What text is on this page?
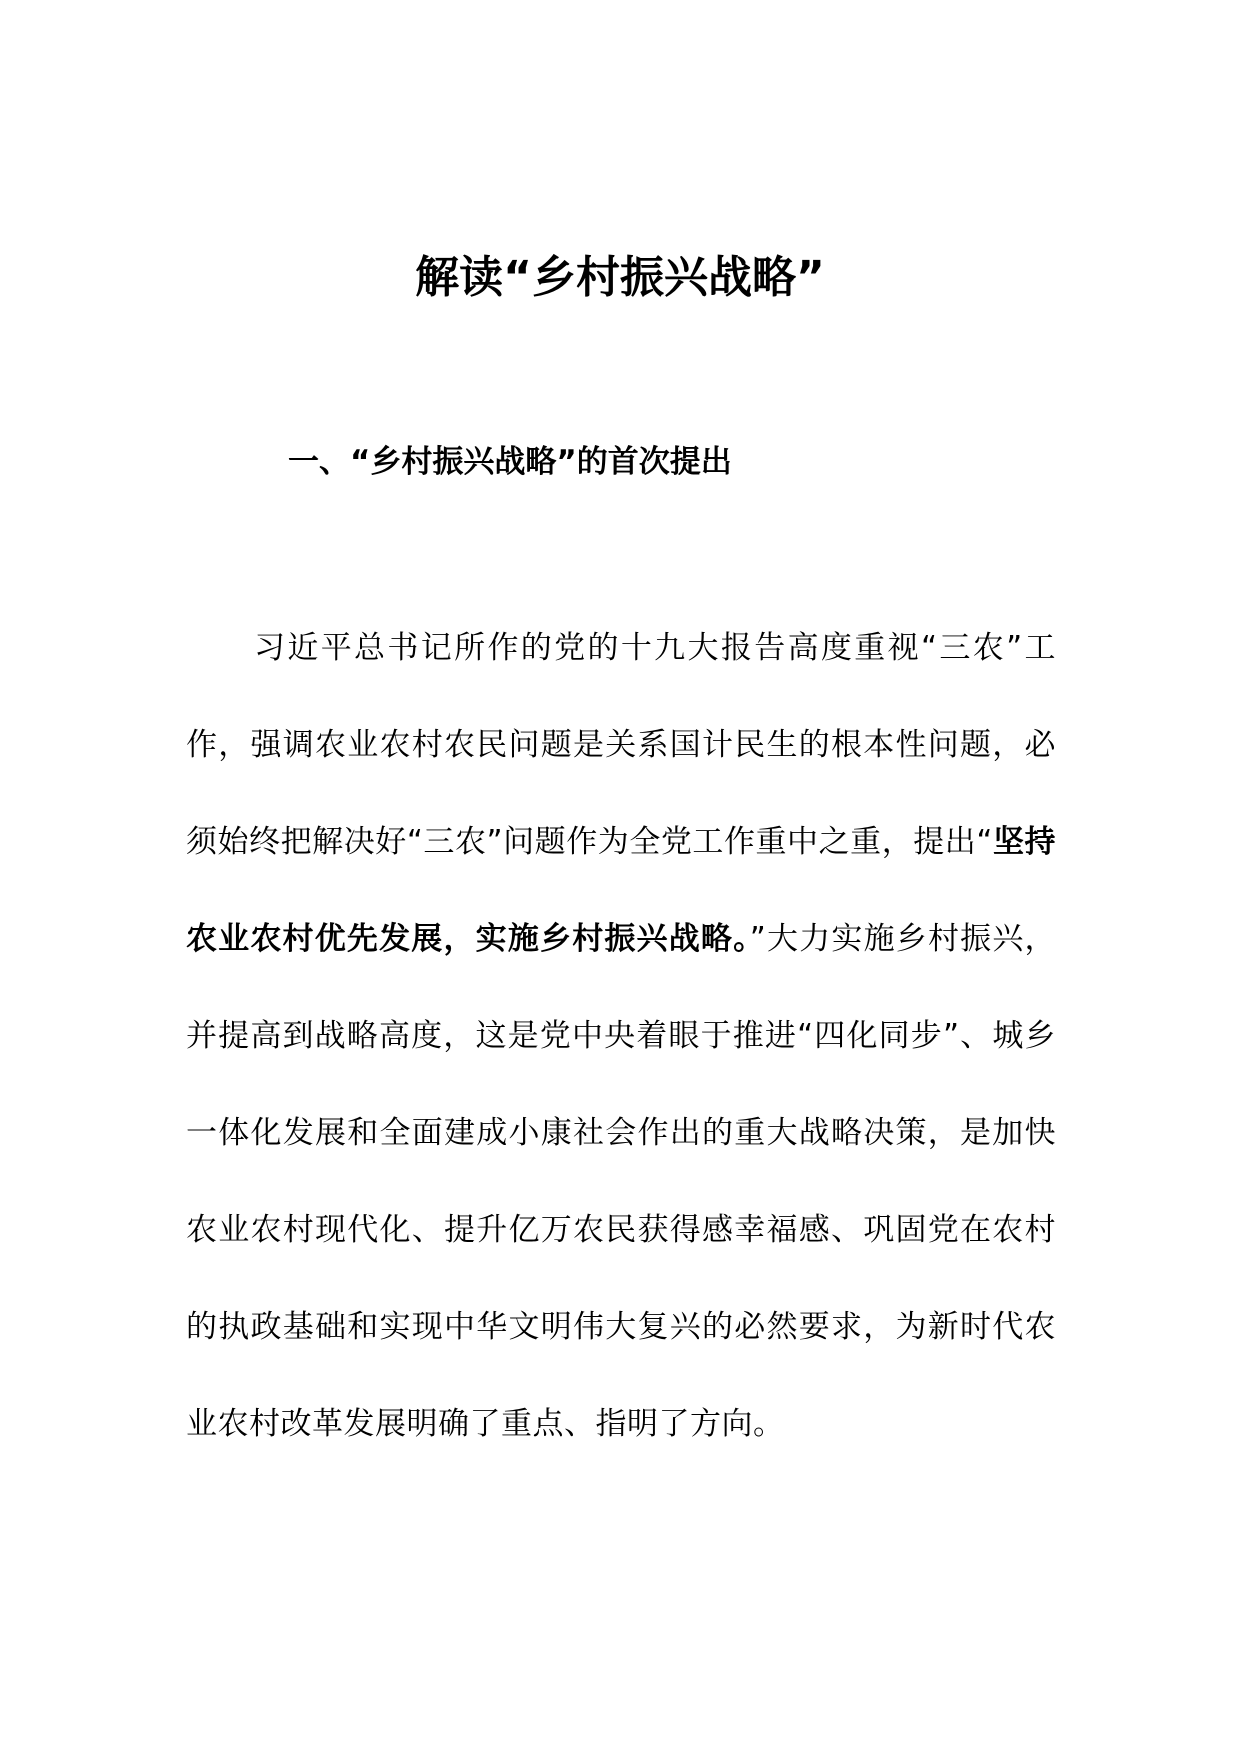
解读“乡村振兴战略”
一、“乡村振兴战略”的首次提出

习近平总书记所作的党的十九大报告高度重视“三农”工作，强调农业农村农民问题是关系国计民生的根本性问题，必须始终把解决好“三农”问题作为全党工作重中之重，提出“坚持农业农村优先发展，实施乡村振兴战略。”大力实施乡村振兴，并提高到战略高度，这是党中央着眼于推进“四化同步”、城乡一体化发展和全面建成小康社会作出的重大战略决策，是加快农业农村现代化、提升亿万农民获得感幸福感、巩固党在农村的执政基础和实现中华文明伟大复兴的必然要求，为新时代农业农村改革发展明确了重点、指明了方向。
